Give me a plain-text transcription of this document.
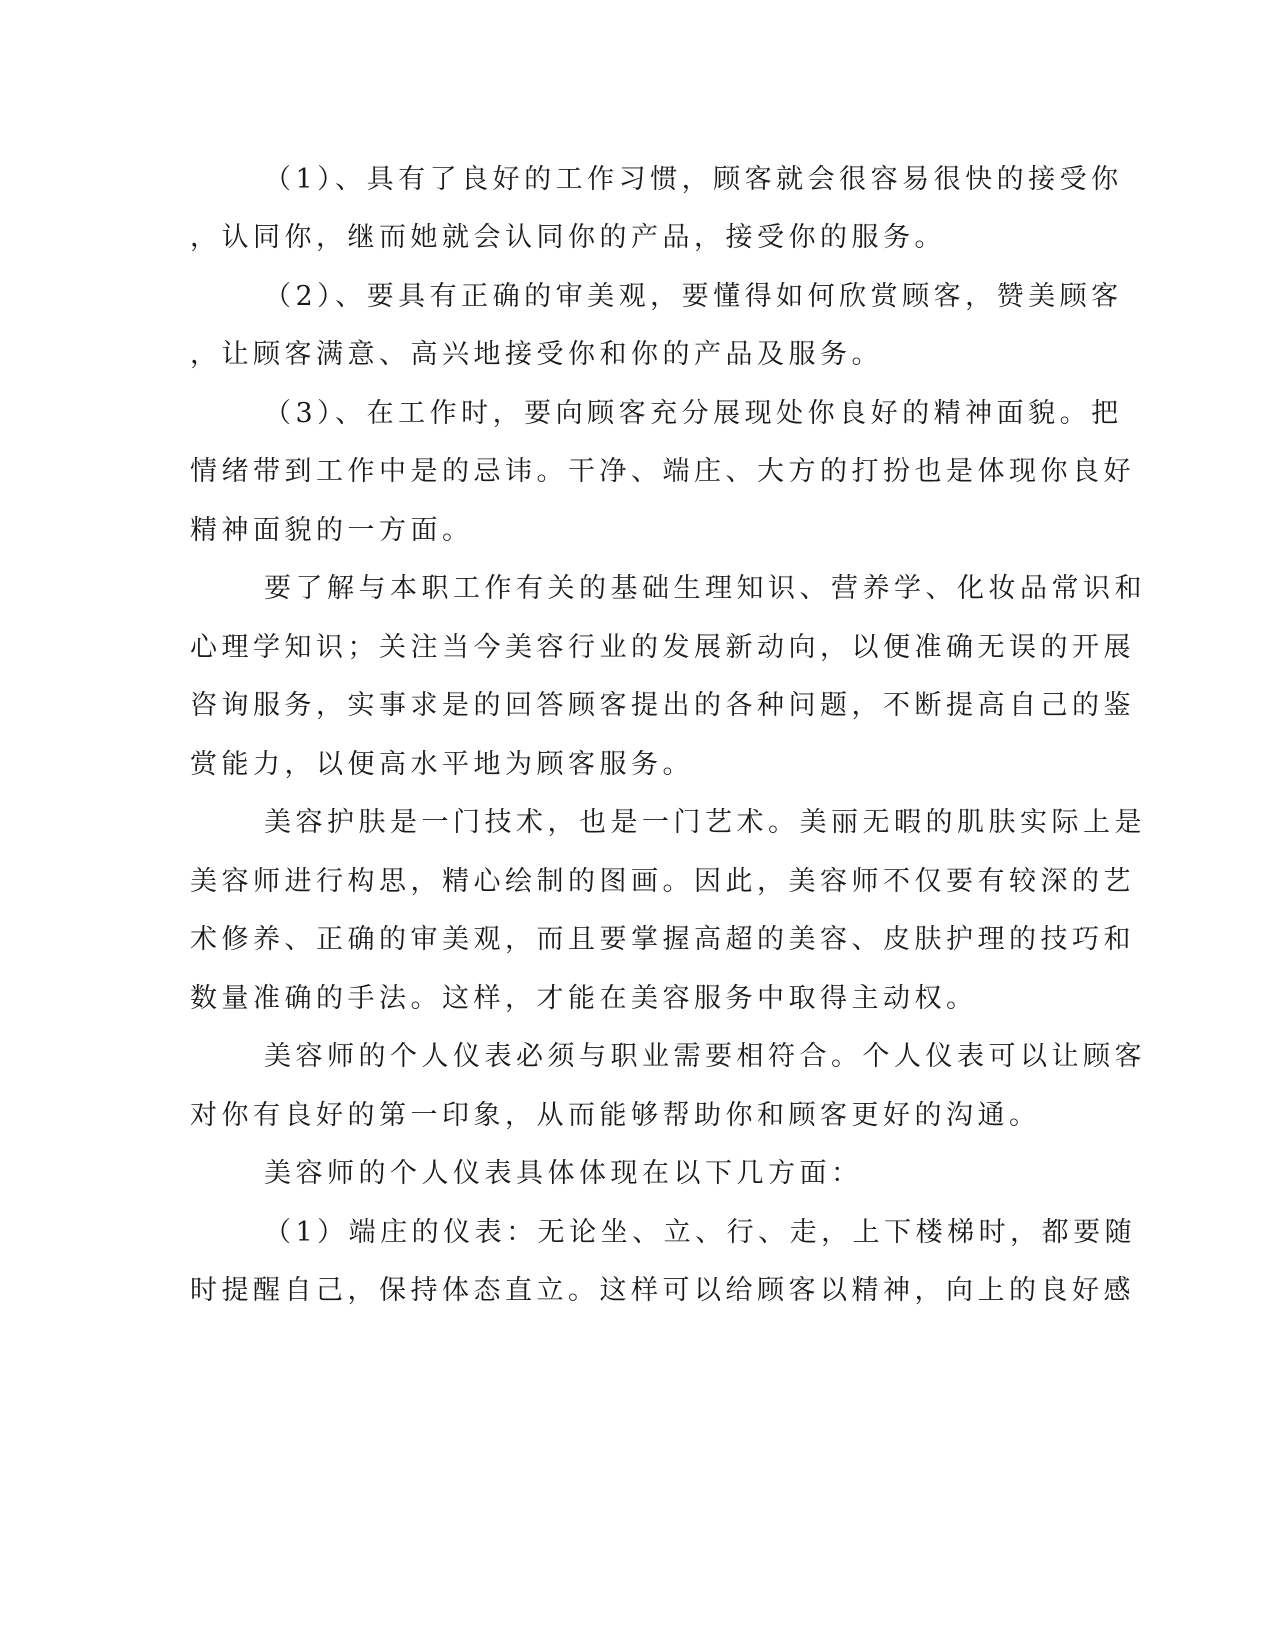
（1）、具有了良好的工作习惯，顾客就会很容易很快的接受你
，认同你，继而她就会认同你的产品，接受你的服务。
（2）、要具有正确的审美观，要懂得如何欣赏顾客，赞美顾客
，让顾客满意、高兴地接受你和你的产品及服务。
（3）、在工作时，要向顾客充分展现处你良好的精神面貌。把
情绪带到工作中是的忌讳。干净、端庄、大方的打扮也是体现你良好
精神面貌的一方面。
要了解与本职工作有关的基础生理知识、营养学、化妆品常识和
心理学知识；关注当今美容行业的发展新动向，以便准确无误的开展
咨询服务，实事求是的回答顾客提出的各种问题，不断提高自己的鉴
赏能力，以便高水平地为顾客服务。
美容护肤是一门技术，也是一门艺术。美丽无暇的肌肤实际上是
美容师进行构思，精心绘制的图画。因此，美容师不仅要有较深的艺
术修养、正确的审美观，而且要掌握高超的美容、皮肤护理的技巧和
数量准确的手法。这样，才能在美容服务中取得主动权。
美容师的个人仪表必须与职业需要相符合。个人仪表可以让顾客
对你有良好的第一印象，从而能够帮助你和顾客更好的沟通。
美容师的个人仪表具体体现在以下几方面：
（1）端庄的仪表：无论坐、立、行、走，上下楼梯时，都要随
时提醒自己，保持体态直立。这样可以给顾客以精神，向上的良好感
